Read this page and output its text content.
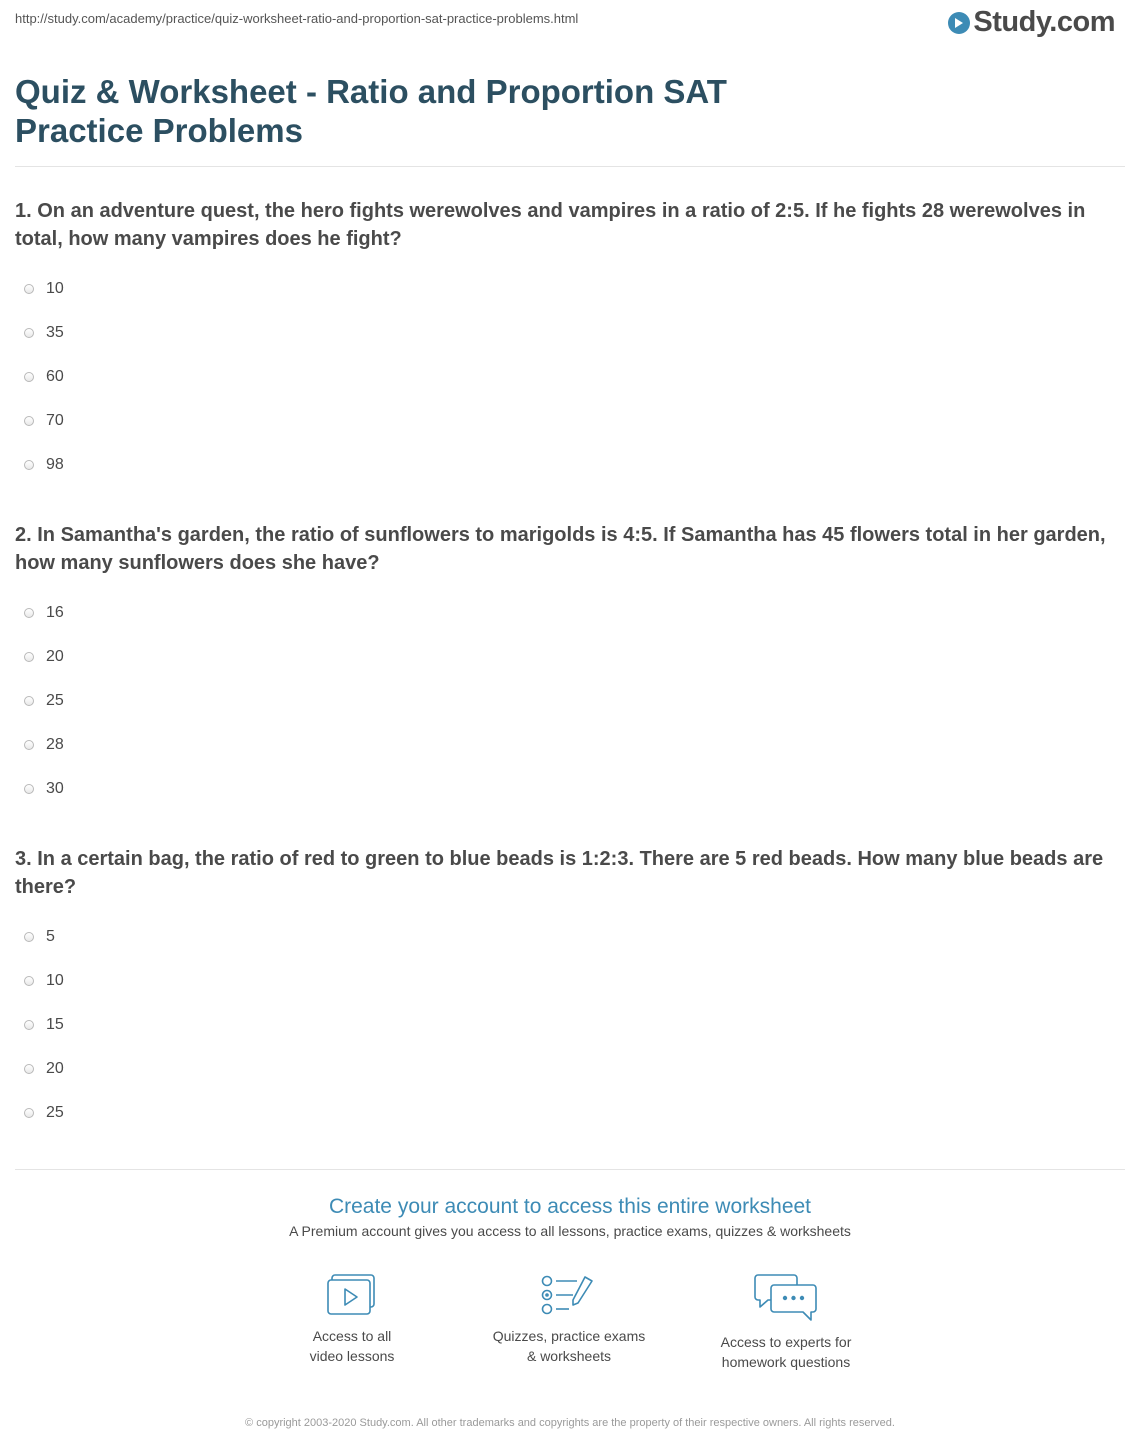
http://study.com/academy/practice/quiz-worksheet-ratio-and-proportion-sat-practice-problems.html	Study.com
Quiz & Worksheet - Ratio and Proportion SAT Practice Problems

1. On an adventure quest, the hero fights werewolves and vampires in a ratio of 2:5. If he fights 28 werewolves in total, how many vampires does he fight?

10
35
60
70
98

2. In Samantha's garden, the ratio of sunflowers to marigolds is 4:5. If Samantha has 45 flowers total in her garden, how many sunflowers does she have?

16
20
25
28
30

3. In a certain bag, the ratio of red to green to blue beads is 1:2:3. There are 5 red beads. How many blue beads are there?

5
10
15
20
25

Create your account to access this entire worksheet

A Premium account gives you access to all lessons, practice exams, quizzes & worksheets

Access to all
video lessons
Quizzes, practice exams
& worksheets
Access to experts for
homework questions
© copyright 2003-2020 Study.com. All other trademarks and copyrights are the property of their respective owners. All rights reserved.
